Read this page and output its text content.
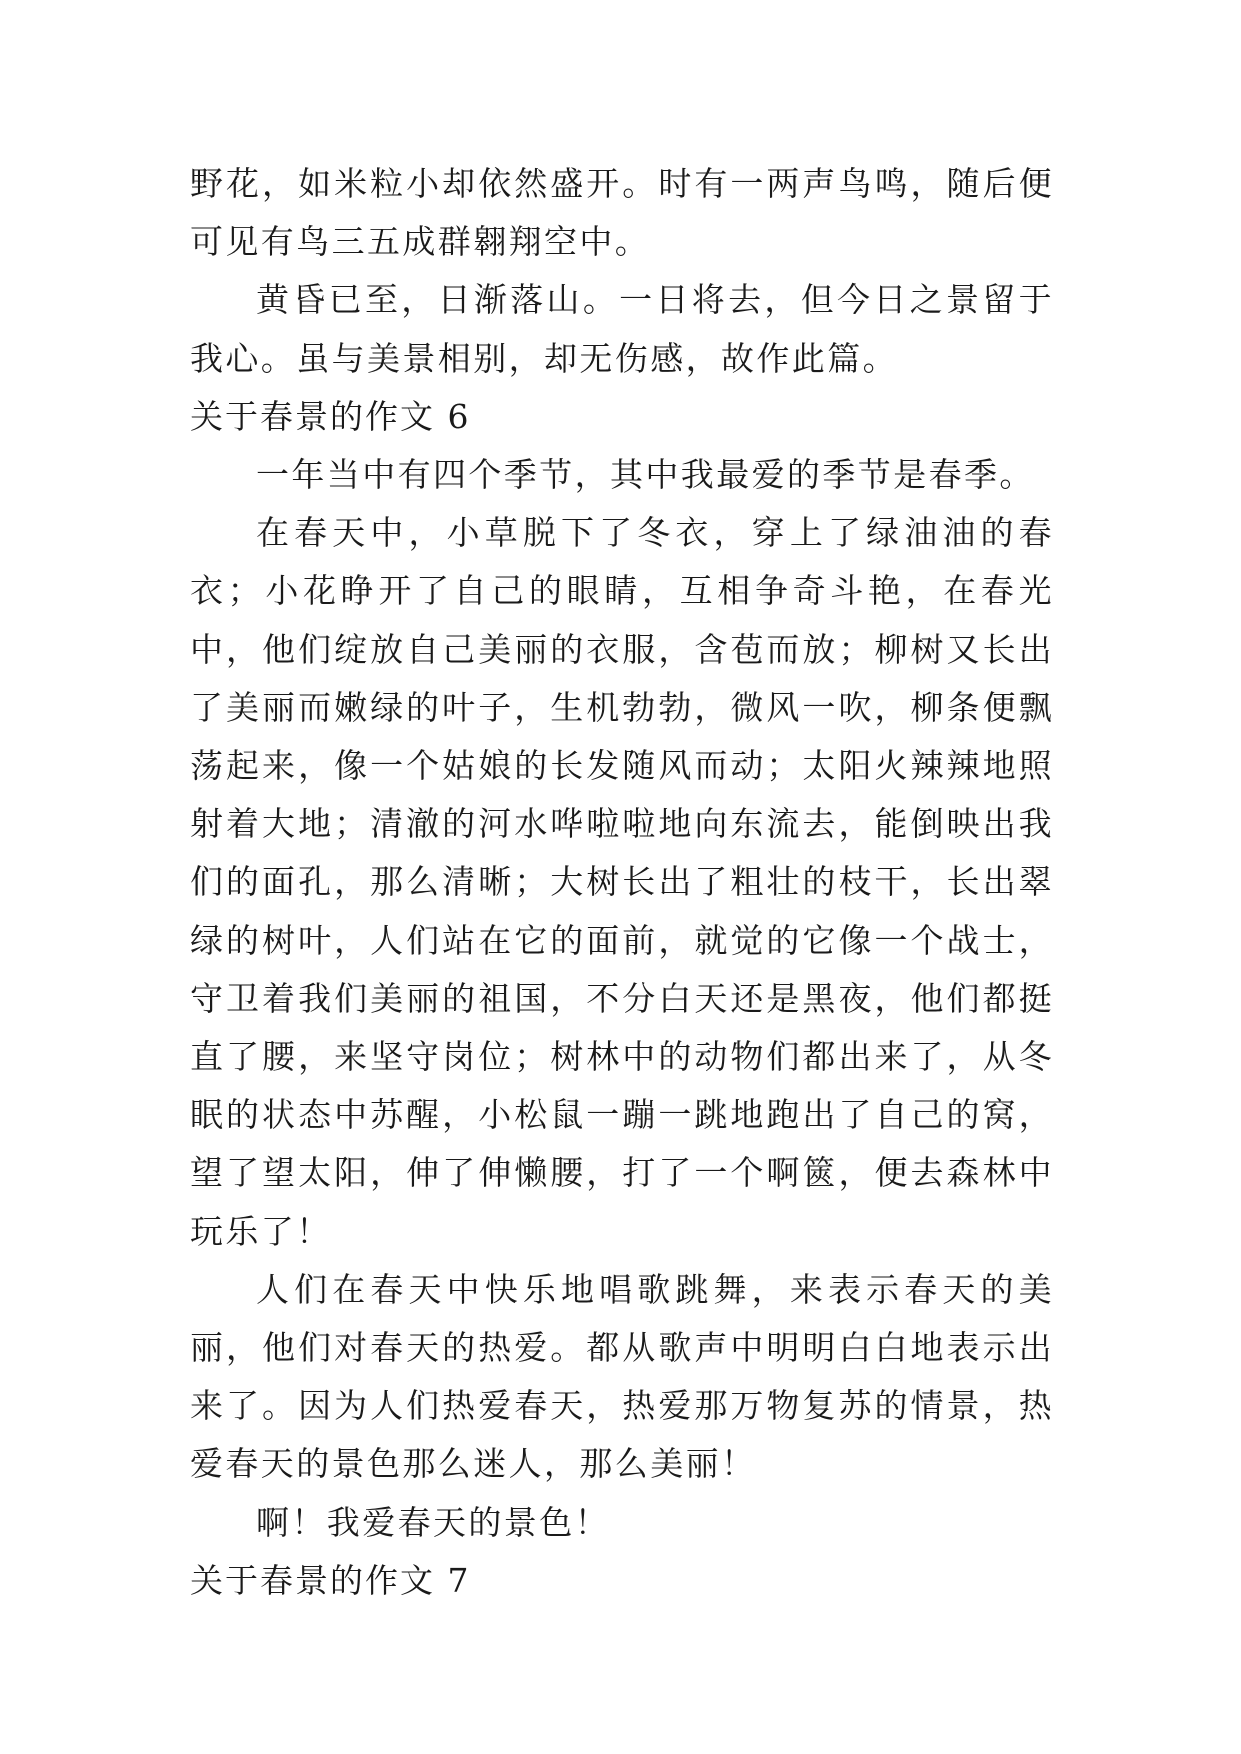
野花，如米粒小却依然盛开。时有一两声鸟鸣，随后便可见有鸟三五成群翱翔空中。

黄昏已至，日渐落山。一日将去，但今日之景留于我心。虽与美景相别，却无伤感，故作此篇。

关于春景的作文 6

一年当中有四个季节，其中我最爱的季节是春季。

在春天中，小草脱下了冬衣，穿上了绿油油的春衣；小花睁开了自己的眼睛，互相争奇斗艳，在春光中，他们绽放自己美丽的衣服，含苞而放；柳树又长出了美丽而嫩绿的叶子，生机勃勃，微风一吹，柳条便飘荡起来，像一个姑娘的长发随风而动；太阳火辣辣地照射着大地；清澈的河水哗啦啦地向东流去，能倒映出我们的面孔，那么清晰；大树长出了粗壮的枝干，长出翠绿的树叶，人们站在它的面前，就觉的它像一个战士，守卫着我们美丽的祖国，不分白天还是黑夜，他们都挺直了腰，来坚守岗位；树林中的动物们都出来了，从冬眠的状态中苏醒，小松鼠一蹦一跳地跑出了自己的窝，望了望太阳，伸了伸懒腰，打了一个啊篋，便去森林中玩乐了！

人们在春天中快乐地唱歌跳舞，来表示春天的美丽，他们对春天的热爱。都从歌声中明明白白地表示出来了。因为人们热爱春天，热爱那万物复苏的情景，热爱春天的景色那么迷人，那么美丽！

啊！我爱春天的景色！

关于春景的作文 7
